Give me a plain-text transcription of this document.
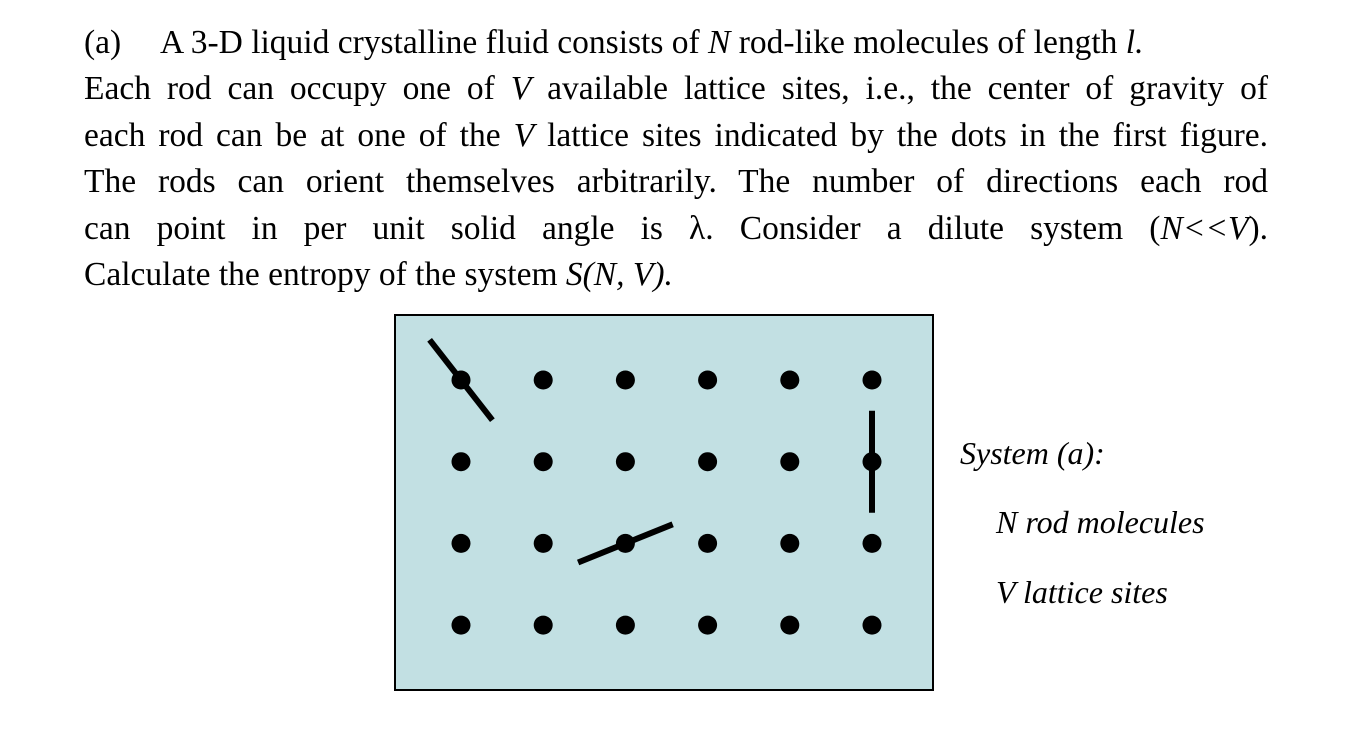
(a) A 3-D liquid crystalline fluid consists of N rod-like molecules of length l.
Each rod can occupy one of V available lattice sites, i.e., the center of gravity of
each rod can be at one of the V lattice sites indicated by the dots in the first figure.
The rods can orient themselves arbitrarily. The number of directions each rod
can point in per unit solid angle is λ. Consider a dilute system (N<<V).
Calculate the entropy of the system S(N, V).
System (a):
N rod molecules
V lattice sites
